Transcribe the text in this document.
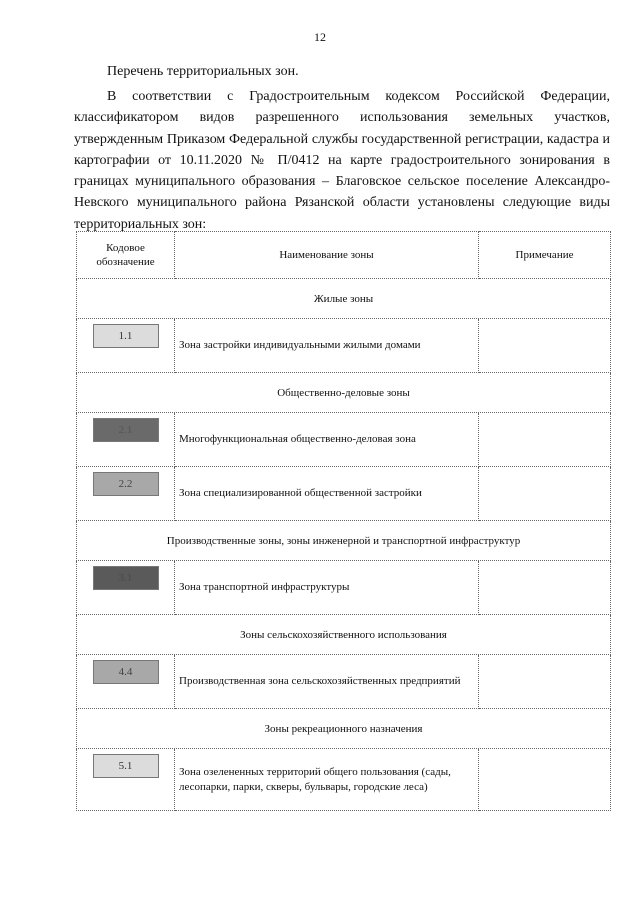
12
Перечень территориальных зон.

В соответствии с Градостроительным кодексом Российской Федерации, классификатором видов разрешенного использования земельных участков, утвержденным Приказом Федеральной службы государственной регистрации, кадастра и картографии от 10.11.2020 № П/0412 на карте градостроительного зонирования в границах муниципального образования – Благовское сельское поселение Александро-Невского муниципального района Рязанской области установлены следующие виды территориальных зон:

Кодовое обозначение	Наименование зоны	Примечание
Жилые зоны		
1.1	Зона застройки индивидуальными жилыми домами	
Общественно-деловые зоны		
2.1	Многофункциональная общественно-деловая зона	
2.2	Зона специализированной общественной застройки	
Производственные зоны, зоны инженерной и транспортной инфраструктур		
3.1	Зона транспортной инфраструктуры	
Зоны сельскохозяйственного использования		
4.4	Производственная зона сельскохозяйственных предприятий	
Зоны рекреационного назначения		
5.1	Зона озелененных территорий общего пользования (сады, лесопарки, парки, скверы, бульвары, городские леса)	
